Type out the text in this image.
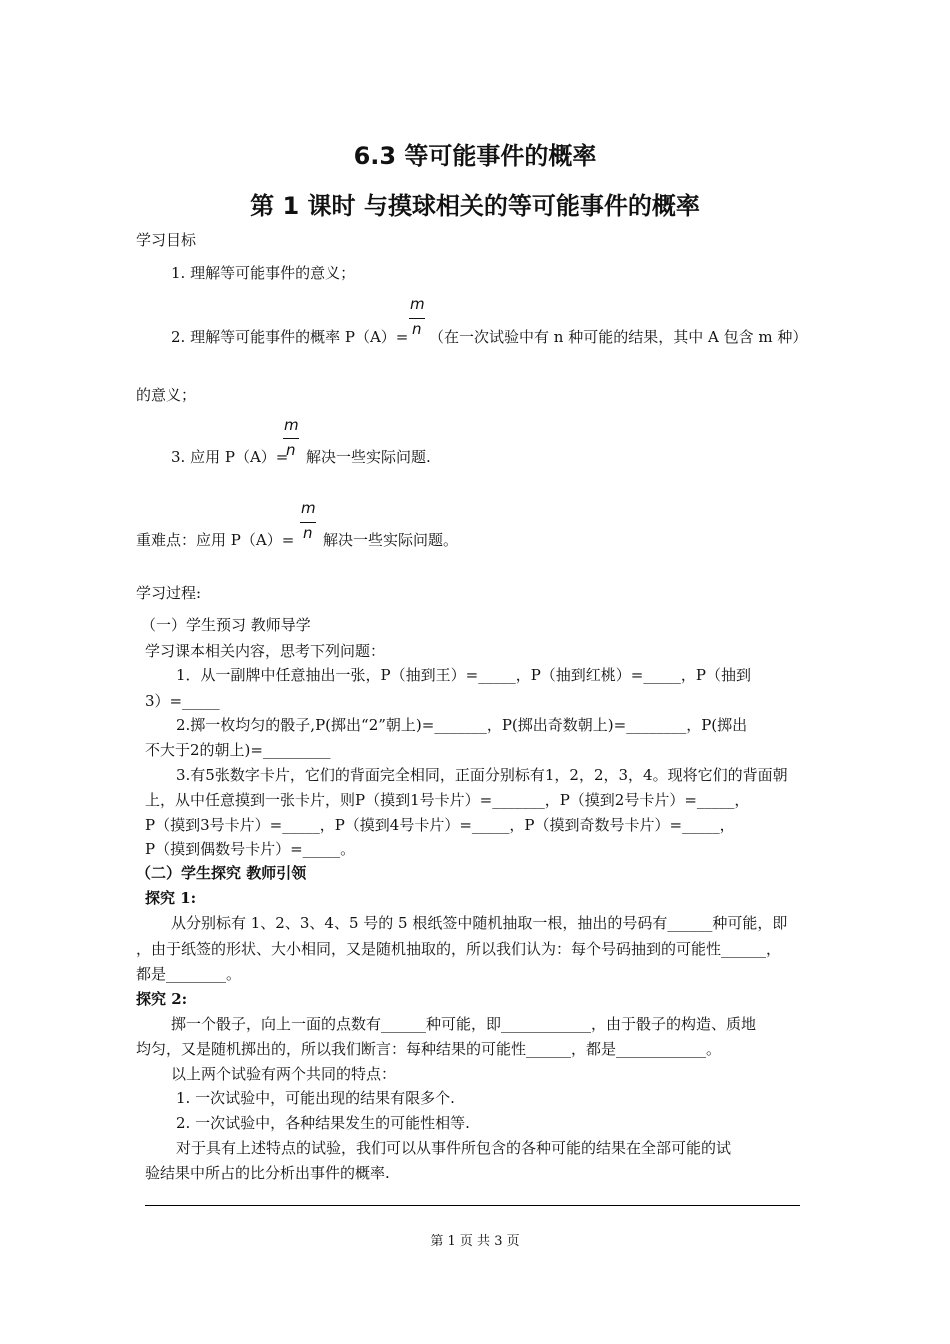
6.3 等可能事件的概率
第 1 课时 与摸球相关的等可能事件的概率
学习目标
1. 理解等可能事件的意义；
m
2. 理解等可能事件的概率 P（A）= n （在一次试验中有 n 种可能的结果，其中 A 包含 m 种）
的意义；
m
3. 应用 P（A）=
n 解决一些实际问题.
m
重难点：应用 P（A）= n 解决一些实际问题。
学习过程:
（一）学生预习 教师导学
学习课本相关内容，思考下列问题：
1．从一副牌中任意抽出一张，P（抽到王）=_____，P（抽到红桃）=_____，P（抽到
3）=_____
2.掷一枚均匀的骰子,P(掷出“2”朝上)=_______，P(掷出奇数朝上)=________，P(掷出
不大于2的朝上)=_________
3.有5张数字卡片，它们的背面完全相同，正面分别标有1，2，2，3，4。现将它们的背面朝
上，从中任意摸到一张卡片，则P（摸到1号卡片）=_______，P（摸到2号卡片）=_____，
P（摸到3号卡片）=_____，P（摸到4号卡片）=_____，P（摸到奇数号卡片）=_____，
P（摸到偶数号卡片）=_____。
（二）学生探究 教师引领
探究 1:
从分别标有 1、2、3、4、5 号的 5 根纸签中随机抽取一根，抽出的号码有______种可能，即
，由于纸签的形状、大小相同，又是随机抽取的，所以我们认为：每个号码抽到的可能性______，
都是________。
探究 2:
掷一个骰子，向上一面的点数有______种可能，即____________，由于骰子的构造、质地
均匀，又是随机掷出的，所以我们断言：每种结果的可能性______，都是____________。
以上两个试验有两个共同的特点：
1. 一次试验中，可能出现的结果有限多个.
2. 一次试验中，各种结果发生的可能性相等.
对于具有上述特点的试验，我们可以从事件所包含的各种可能的结果在全部可能的试
验结果中所占的比分析出事件的概率.
第 1 页 共 3 页
